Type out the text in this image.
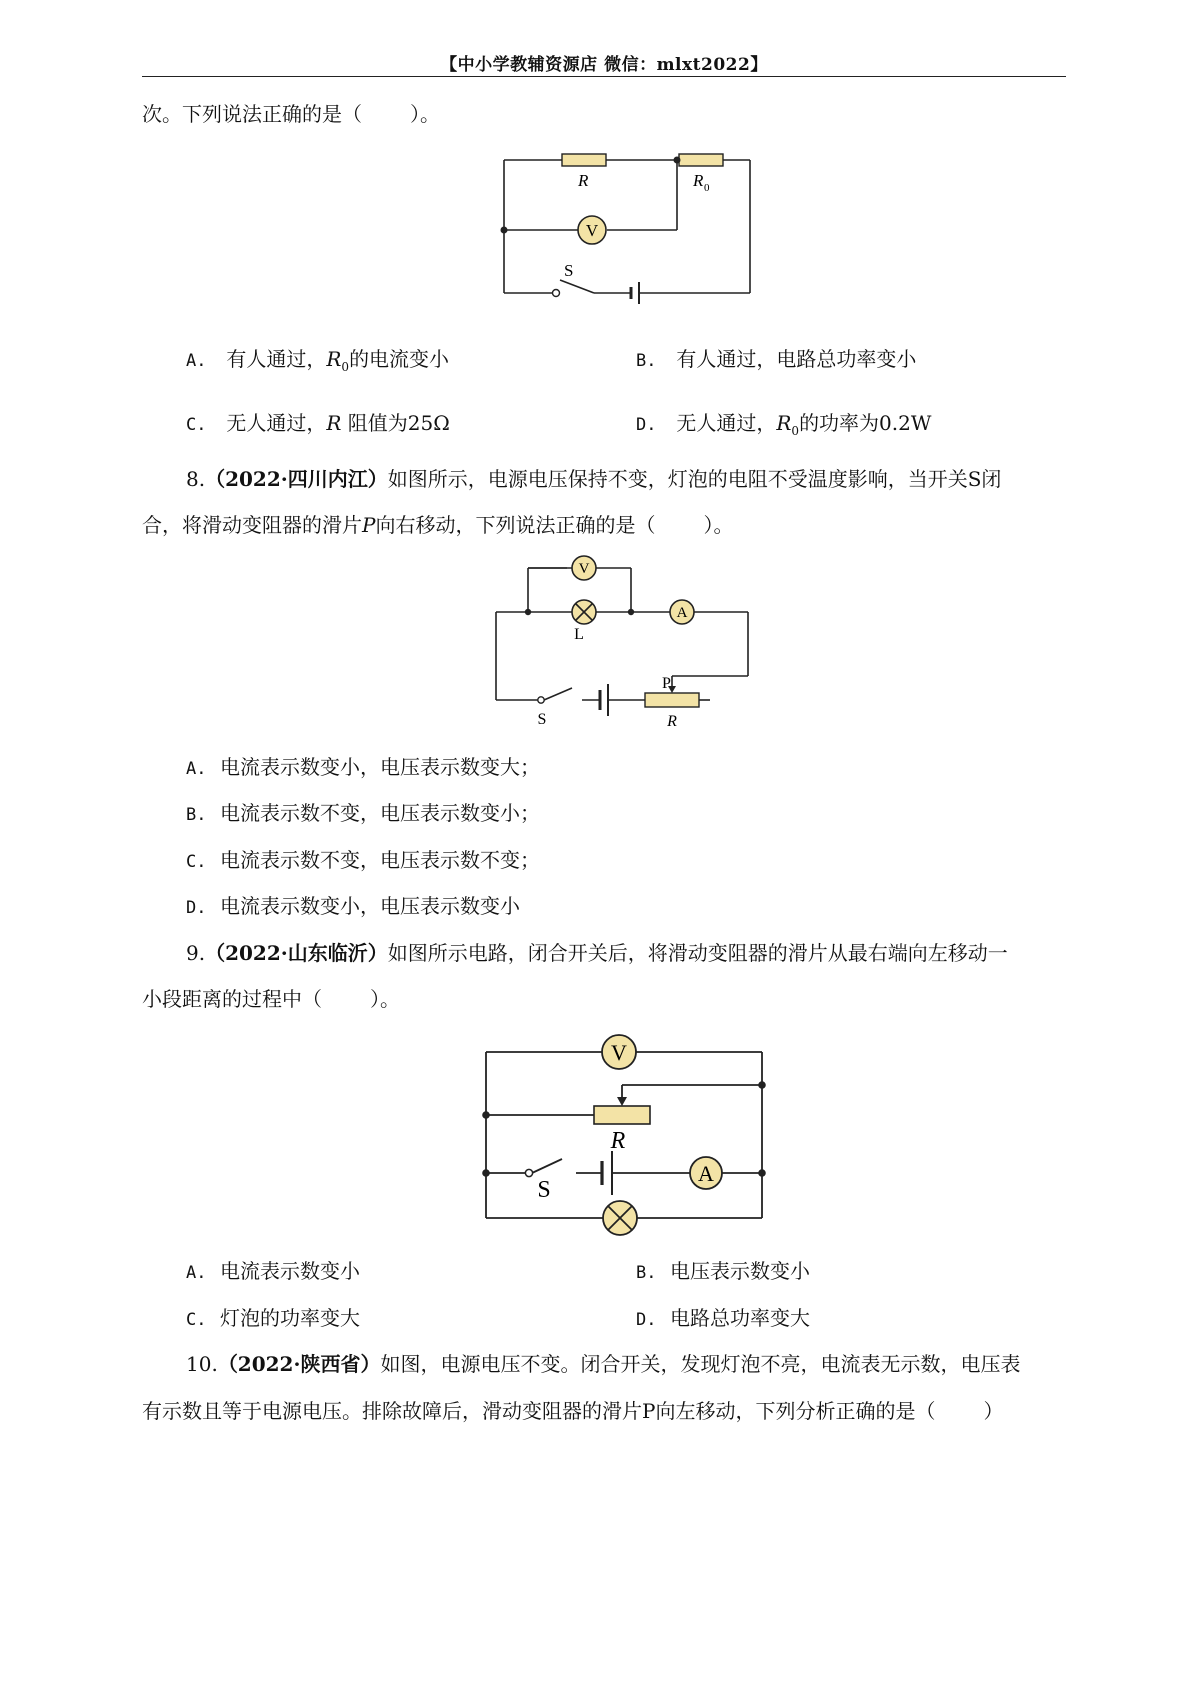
【中小学教辅资源店 微信：mlxt2022】
次。下列说法正确的是（ ）。
V
R	R 0
S
A. 有人通过，$R_0$的电流变小	B. 有人通过，电路总功率变小
C. 无人通过，R 阻值为25Ω	D. 无人通过，$R_0$的功率为0.2W
8.（2022·四川内江）如图所示，电源电压保持不变，灯泡的电阻不受温度影响，当开关S闭
合，将滑动变阻器的滑片P向右移动，下列说法正确的是（ ）。
V
A
L
P
R
S
A. 电流表示数变小，电压表示数变大；
B. 电流表示数不变，电压表示数变小；
C. 电流表示数不变，电压表示数不变；
D. 电流表示数变小，电压表示数变小
9.（2022·山东临沂）如图所示电路，闭合开关后，将滑动变阻器的滑片从最右端向左移动一
小段距离的过程中（ ）。
V
A
R
S
A. 电流表示数变小	B. 电压表示数变小
C. 灯泡的功率变大	D. 电路总功率变大
10.（2022·陕西省）如图，电源电压不变。闭合开关，发现灯泡不亮，电流表无示数，电压表
有示数且等于电源电压。排除故障后，滑动变阻器的滑片P向左移动，下列分析正确的是（ ）
